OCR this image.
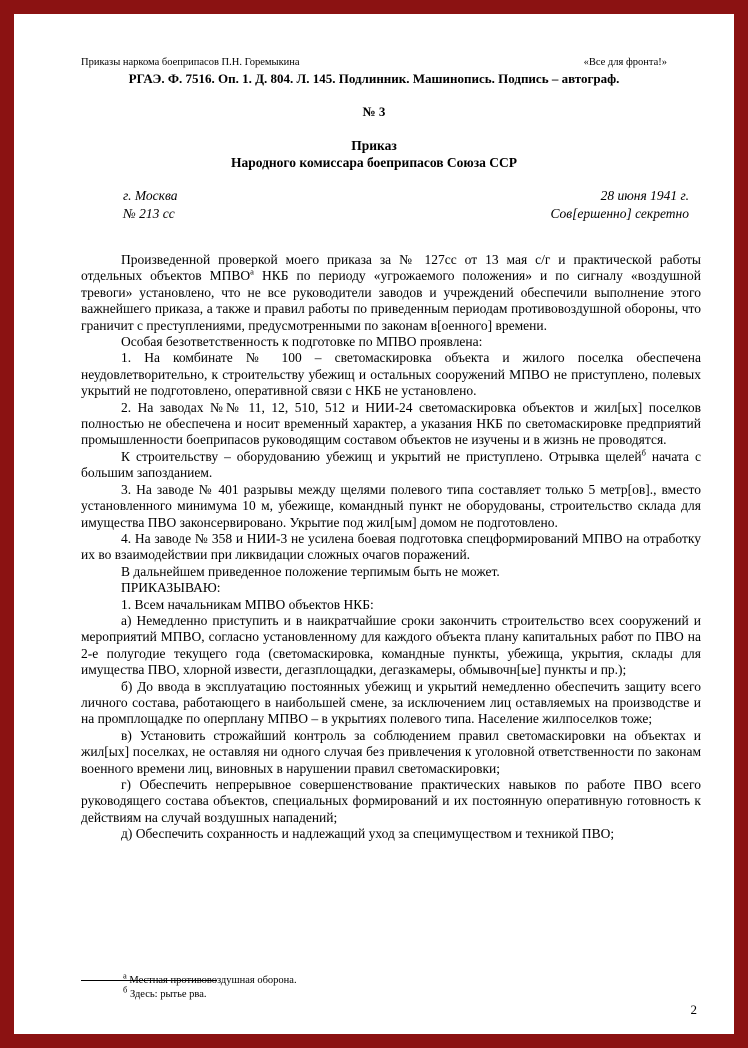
Приказы наркома боеприпасов П.Н. Горемыкина	«Все для фронта!»
РГАЭ. Ф. 7516. Оп. 1. Д. 804. Л. 145. Подлинник. Машинопись. Подпись – автограф.
№ 3
Приказ
Народного комиссара боеприпасов Союза ССР
г. Москва	28 июня 1941 г.
№ 213 сс	Сов[ершенно] секретно

Произведенной проверкой моего приказа за № 127сс от 13 мая с/г и практической работы отдельных объектов $МПВО^а$ НКБ по периоду «угрожаемого положения» и по сигналу «воздушной тревоги» установлено, что не все руководители заводов и учреждений обеспечили выполнение этого важнейшего приказа, а также и правил работы по приведенным периодам противовоздушной обороны, что граничит с преступлениями, предусмотренными по законам в[оенного] времени.

Особая безответственность к подготовке по МПВО проявлена:

1. На комбинате № 100 – светомаскировка объекта и жилого поселка обеспечена неудовлетворительно, к строительству убежищ и остальных сооружений МПВО не приступлено, полевых укрытий не подготовлено, оперативной связи с НКБ не установлено.

2. На заводах №№ 11, 12, 510, 512 и НИИ-24 светомаскировка объектов и жил[ых] поселков полностью не обеспечена и носит временный характер, а указания НКБ по светомаскировке предприятий промышленности боеприпасов руководящим составом объектов не изучены и в жизнь не проводятся.

К строительству – оборудованию убежищ и укрытий не приступлено. Отрывка щелей$^б$ начата с большим запозданием.

3. На заводе № 401 разрывы между щелями полевого типа составляет только 5 метр[ов]., вместо установленного минимума 10 м, убежище, командный пункт не оборудованы, строительство склада для имущества ПВО законсервировано. Укрытие под жил[ым] домом не подготовлено.

4. На заводе № 358 и НИИ-3 не усилена боевая подготовка спецформирований МПВО на отработку их во взаимодействии при ликвидации сложных очагов поражений.

В дальнейшем приведенное положение терпимым быть не может.

ПРИКАЗЫВАЮ:

1. Всем начальникам МПВО объектов НКБ:

а) Немедленно приступить и в наикратчайшие сроки закончить строительство всех сооружений и мероприятий МПВО, согласно установленному для каждого объекта плану капитальных работ по ПВО на 2-е полугодие текущего года (светомаскировка, командные пункты, убежища, укрытия, склады для имущества ПВО, хлорной извести, дегазплощадки, дегазкамеры, обмывочн[ые] пункты и пр.);

б) До ввода в эксплуатацию постоянных убежищ и укрытий немедленно обеспечить защиту всего личного состава, работающего в наибольшей смене, за исключением лиц оставляемых на производстве и на промплощадке по оперплану МПВО – в укрытиях полевого типа. Население жилпоселков тоже;

в) Установить строжайший контроль за соблюдением правил светомаскировки на объектах и жил[ых] поселках, не оставляя ни одного случая без привлечения к уголовной ответственности по законам военного времени лиц, виновных в нарушении правил светомаскировки;

г) Обеспечить непрерывное совершенствование практических навыков по работе ПВО всего руководящего состава объектов, специальных формирований и их постоянную оперативную готовность к действиям на случай воздушных нападений;

д) Обеспечить сохранность и надлежащий уход за специмуществом и техникой ПВО;

$^а$ Местная противовоздушная оборона.
$^б$ Здесь: рытье рва.
2
